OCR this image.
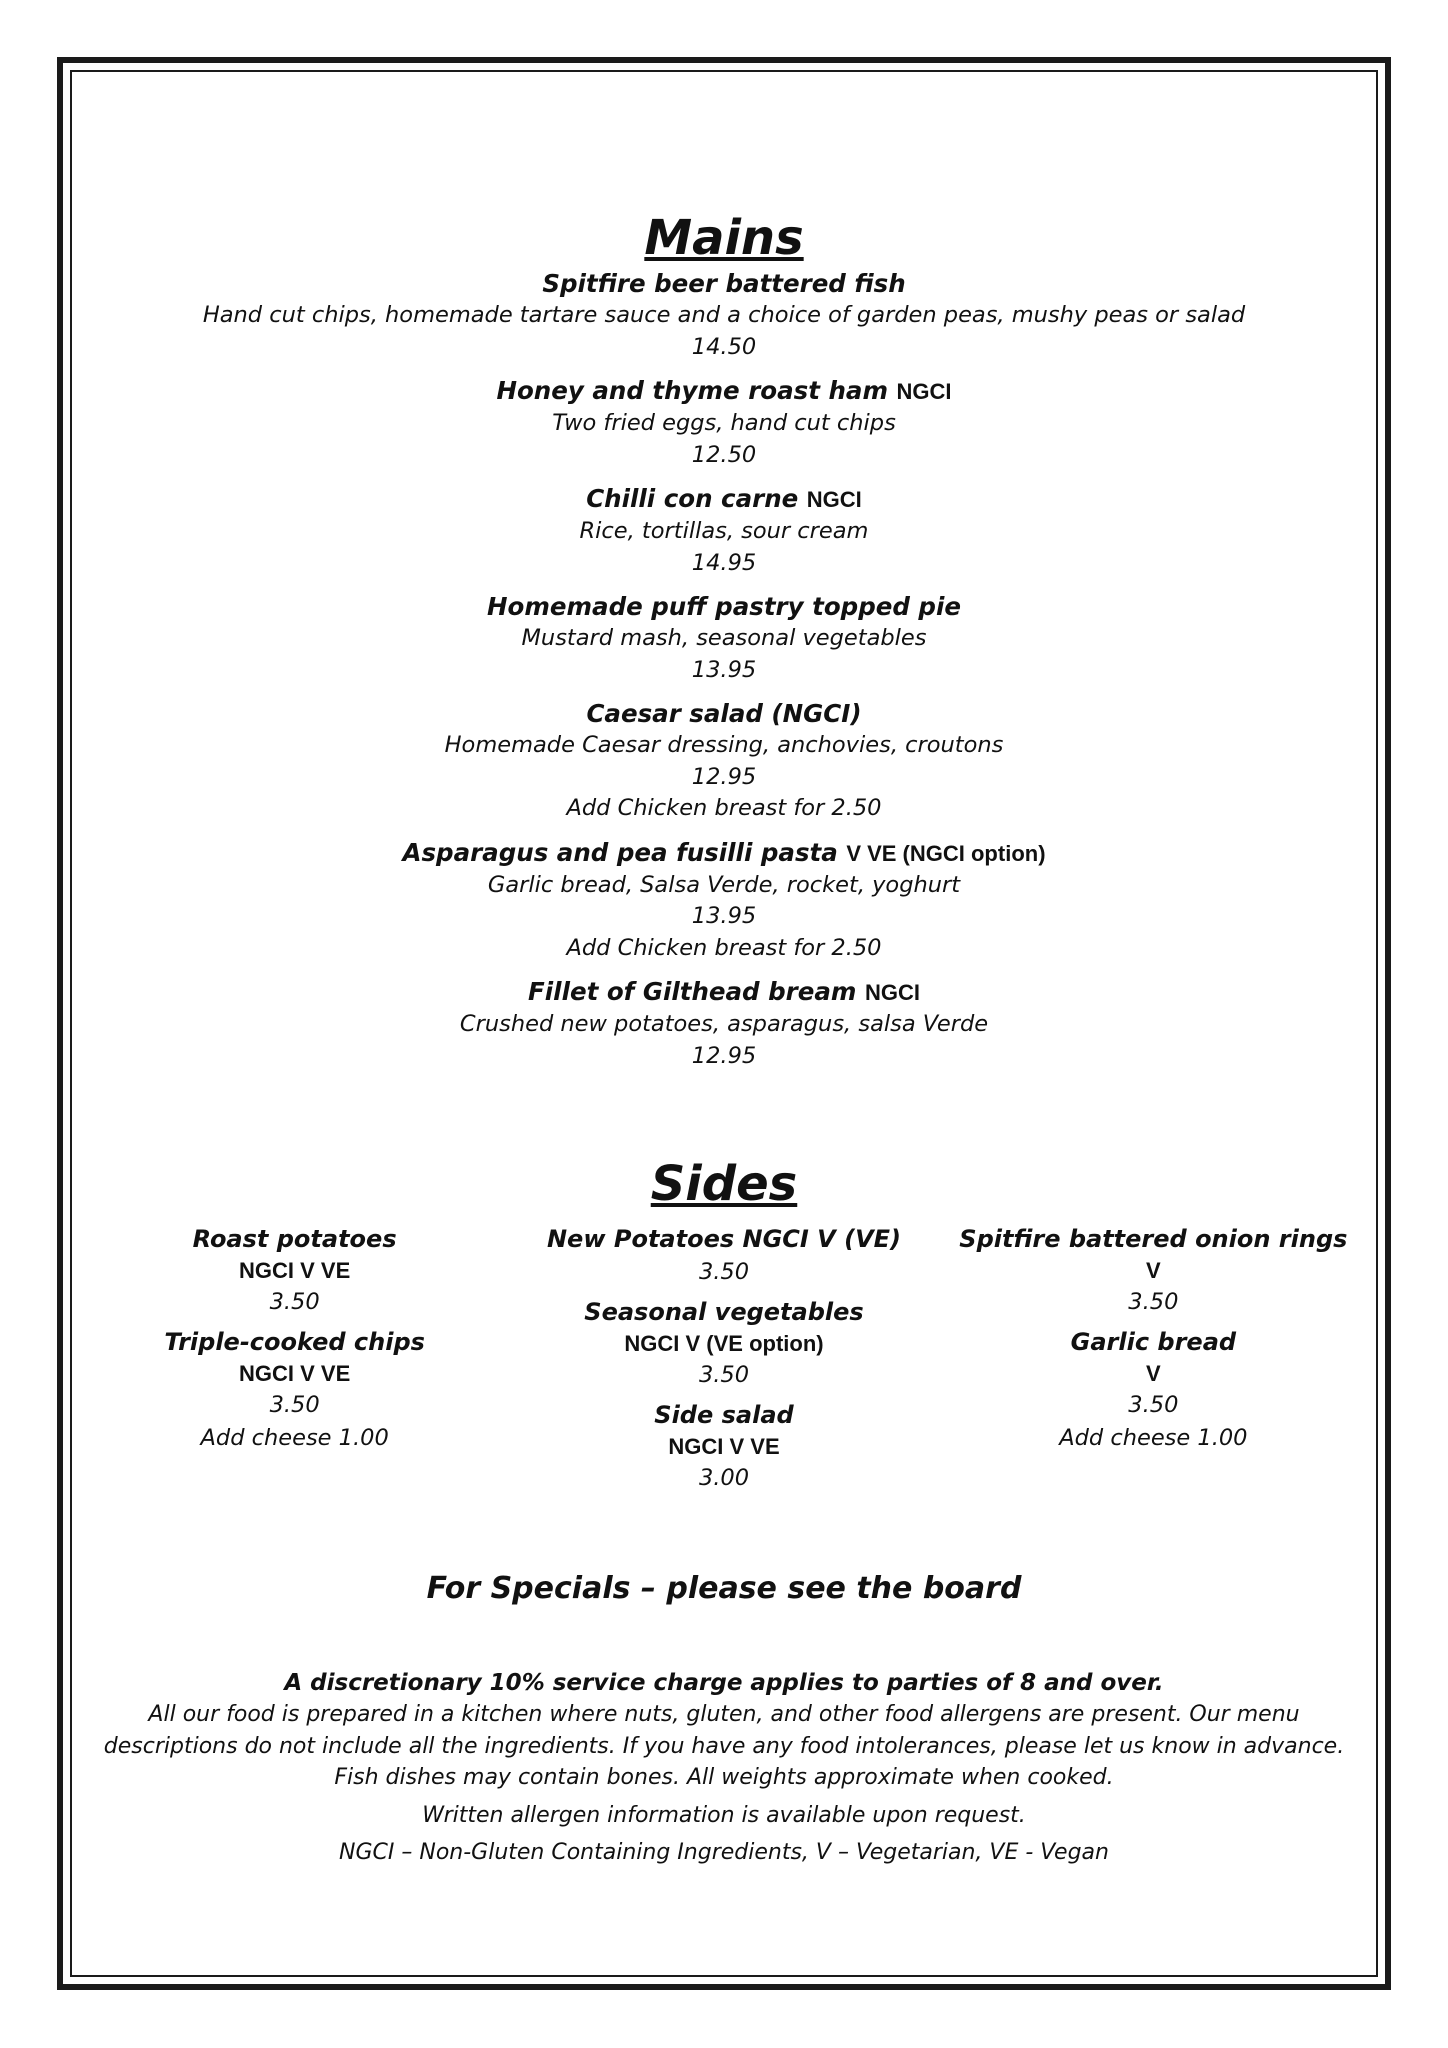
Mains
Spitfire beer battered fish
Hand cut chips, homemade tartare sauce and a choice of garden peas, mushy peas or salad
14.50
Honey and thyme roast ham NGCI
Two fried eggs, hand cut chips
12.50
Chilli con carne NGCI
Rice, tortillas, sour cream
14.95
Homemade puff pastry topped pie
Mustard mash, seasonal vegetables
13.95
Caesar salad (NGCI)
Homemade Caesar dressing, anchovies, croutons
12.95
Add Chicken breast for 2.50
Asparagus and pea fusilli pasta V VE (NGCI option)
Garlic bread, Salsa Verde, rocket, yoghurt
13.95
Add Chicken breast for 2.50
Fillet of Gilthead bream NGCI
Crushed new potatoes, asparagus, salsa Verde
12.95
Sides
Roast potatoes
NGCI V VE
3.50
Triple-cooked chips
NGCI V VE
3.50
Add cheese 1.00
New Potatoes NGCI V (VE)
3.50
Seasonal vegetables
NGCI V (VE option)
3.50
Side salad
NGCI V VE
3.00
Spitfire battered onion rings
V
3.50
Garlic bread
V
3.50
Add cheese 1.00
For Specials – please see the board
A discretionary 10% service charge applies to parties of 8 and over.
All our food is prepared in a kitchen where nuts, gluten, and other food allergens are present. Our menu descriptions do not include all the ingredients. If you have any food intolerances, please let us know in advance. Fish dishes may contain bones. All weights approximate when cooked.
Written allergen information is available upon request.
NGCI – Non-Gluten Containing Ingredients, V – Vegetarian, VE - Vegan
